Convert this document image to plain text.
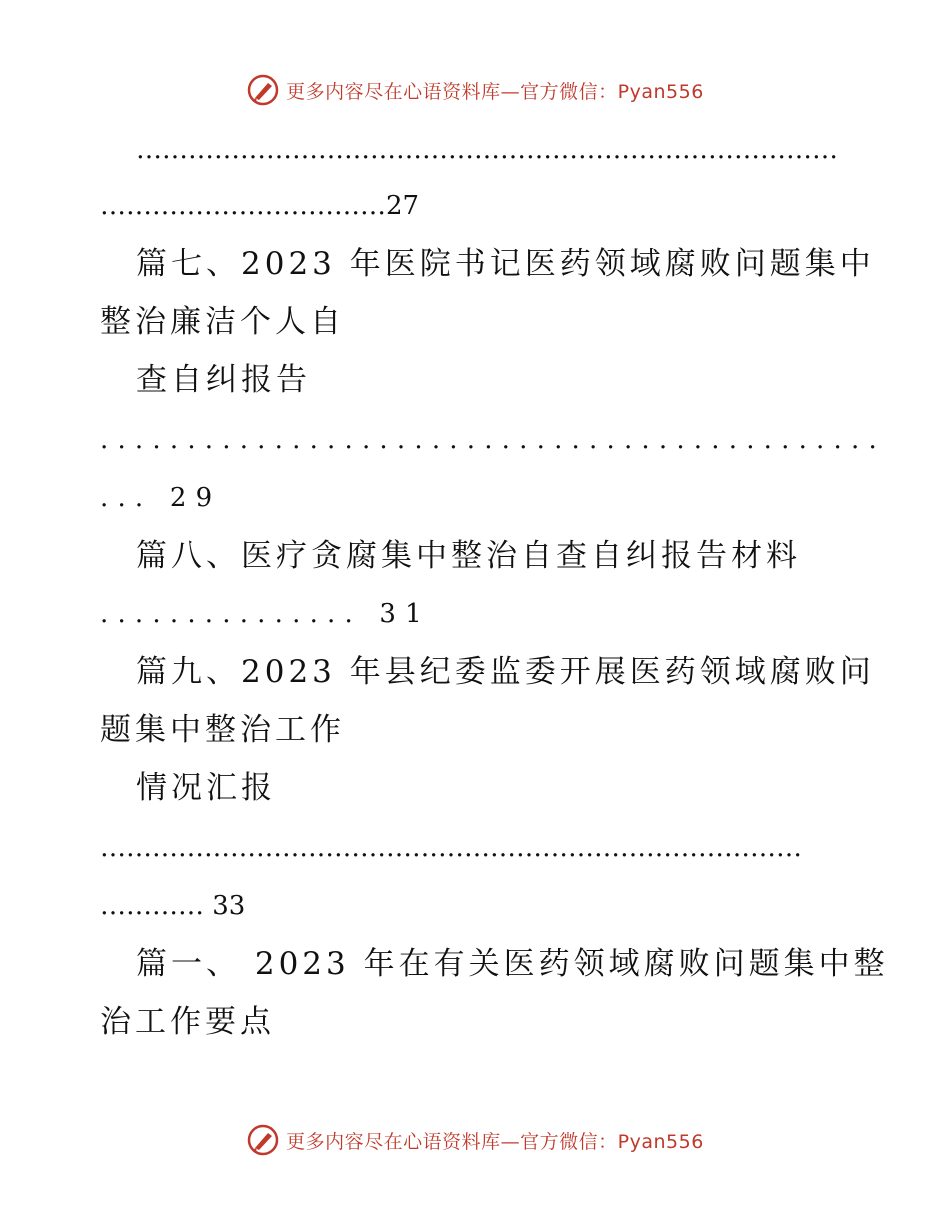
更多内容尽在心语资料库—官方微信：Pyan556
………………………………………………………………………
……………………………27
篇七、2023 年医院书记医药领域腐败问题集中
整治廉洁个人自
查自纠报告
.............................................
... 29
篇八、医疗贪腐集中整治自查自纠报告材料
............... 31
篇九、2023 年县纪委监委开展医药领域腐败问
题集中整治工作
情况汇报
………………………………………………………………………
………… 33
篇一、 2023 年在有关医药领域腐败问题集中整
治工作要点
更多内容尽在心语资料库—官方微信：Pyan556
